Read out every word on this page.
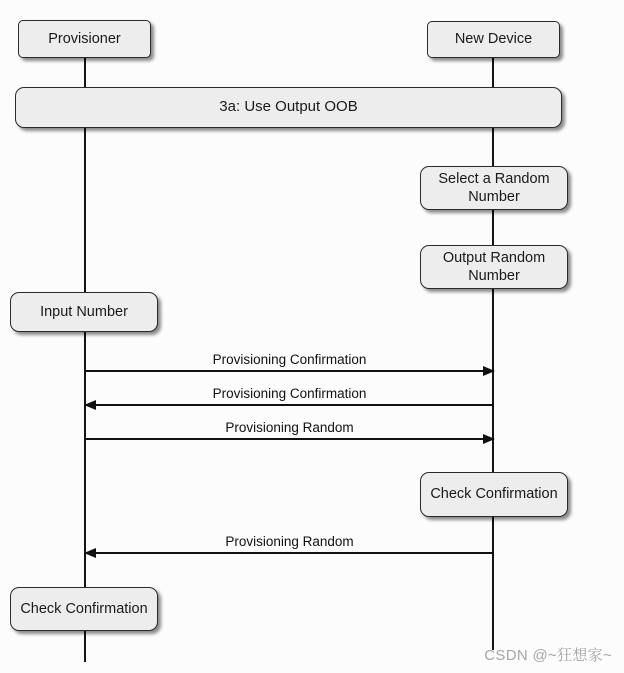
Provisioner	New Device
3a: Use Output OOB
Select a Random Number
Output Random Number
Input Number
Provisioning Confirmation
Provisioning Confirmation
Provisioning Random
Check Confirmation
Provisioning Random
Check Confirmation
CSDN @~狂想家~
